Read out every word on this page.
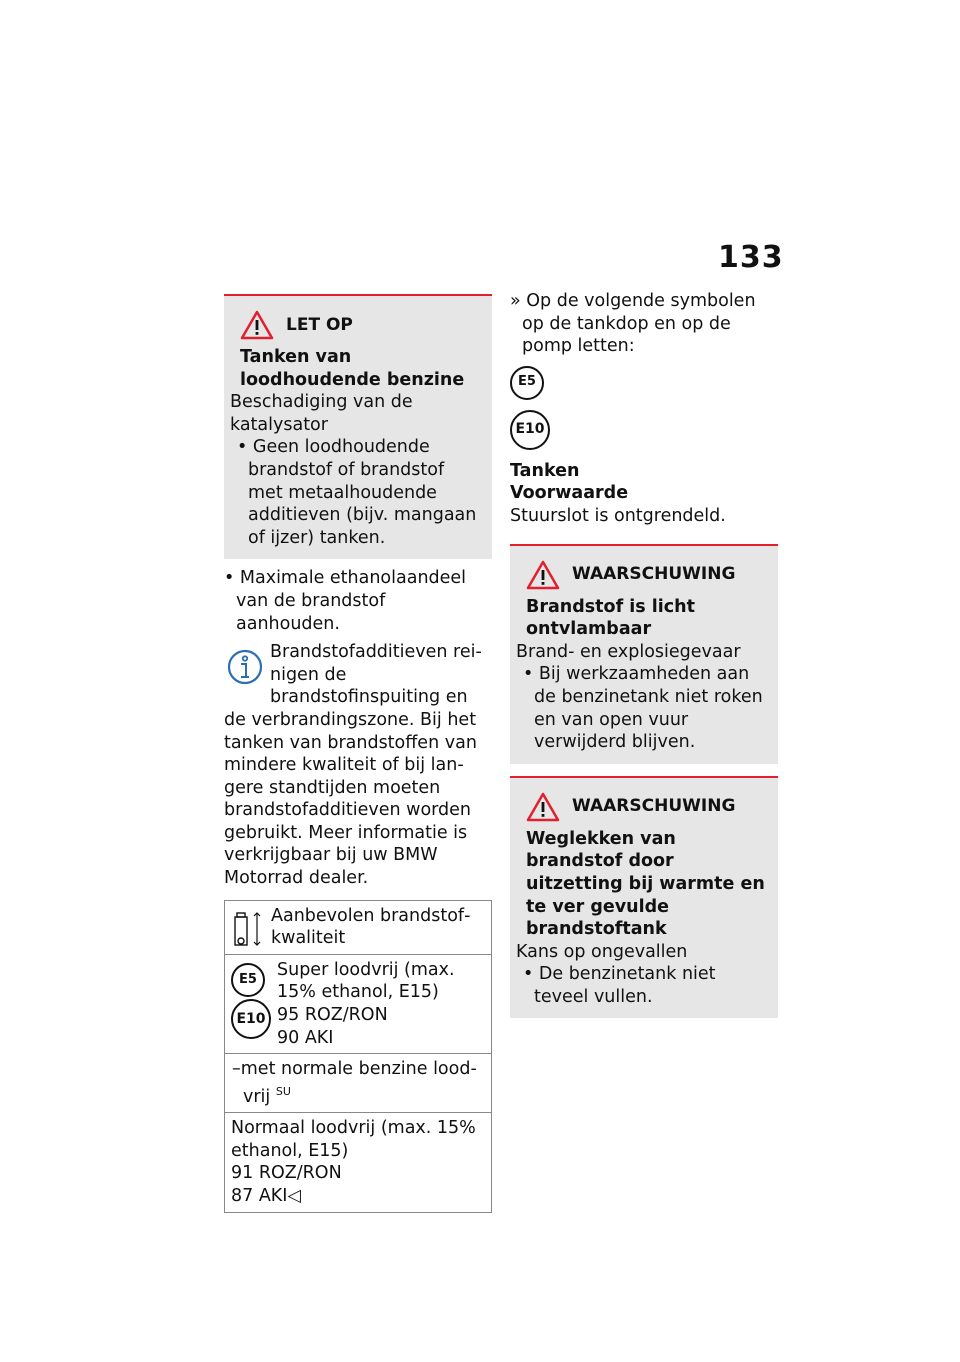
133
LET OP
Tanken van loodhoudende benzine
Beschadiging van de katalysator
• Geen loodhoudende brandstof of brandstof met metaalhoudende additieven (bijv. mangaan of ijzer) tanken.
• Maximale ethanolaandeel van de brandstof aanhouden.
Brandstofadditieven reinigen de brandstofinspuiting en de verbrandingszone. Bij het tanken van brandstoffen van mindere kwaliteit of bij langere standtijden moeten brandstofadditieven worden gebruikt. Meer informatie is verkrijgbaar bij uw BMW Motorrad dealer.
Aanbevolen brandstofkwaliteit
E5
E10
Super loodvrij (max. 15% ethanol, E15)
95 ROZ/RON
90 AKI
–met normale benzine loodvrij $^{SU}$
Normaal loodvrij (max. 15% ethanol, E15)
91 ROZ/RON
87 AKI◁
» Op de volgende symbolen op de tankdop en op de pomp letten:
E5
E10
Tanken
Voorwaarde
Stuurslot is ontgrendeld.
WAARSCHUWING
Brandstof is licht ontvlambaar
Brand- en explosiegevaar
• Bij werkzaamheden aan de benzinetank niet roken en van open vuur verwijderd blijven.
WAARSCHUWING
Weglekken van brandstof door uitzetting bij warmte en te ver gevulde brandstoftank
Kans op ongevallen
• De benzinetank niet teveel vullen.
